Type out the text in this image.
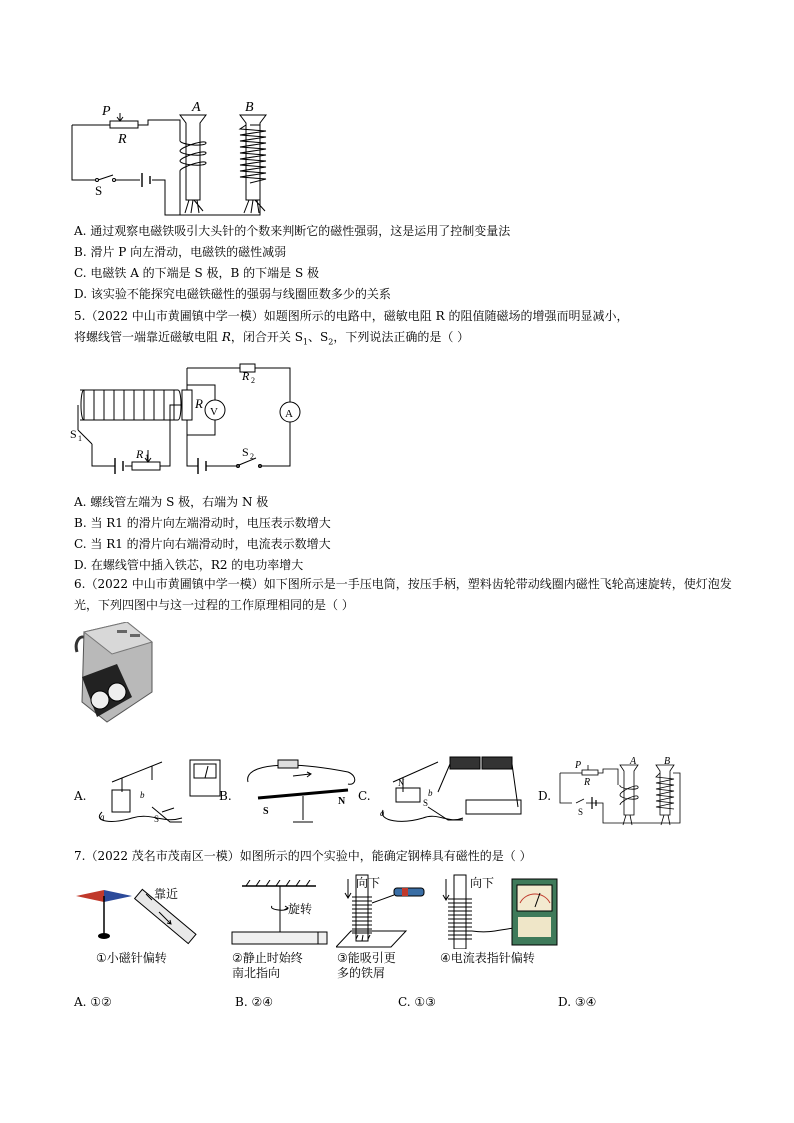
P
R
A	B
S
A. 通过观察电磁铁吸引大头针的个数来判断它的磁性强弱，这是运用了控制变量法
B. 滑片 P 向左滑动，电磁铁的磁性减弱
C. 电磁铁 A 的下端是 S 极，B 的下端是 S 极
D. 该实验不能探究电磁铁磁性的强弱与线圈匝数多少的关系
5.（2022 中山市黄圃镇中学一模）如题图所示的电路中，磁敏电阻 R 的阻值随磁场的增强而明显减小，
将螺线管一端靠近磁敏电阻 R，闭合开关 $S_1$、$S_2$，下列说法正确的是（ ）
R
V	A
R 2
R 1
S 1
S 2
A. 螺线管左端为 S 极，右端为 N 极
B. 当 R1 的滑片向左端滑动时，电压表示数增大
C. 当 R1 的滑片向右端滑动时，电流表示数增大
D. 在螺线管中插入铁芯，R2 的电功率增大
6.（2022 中山市黄圃镇中学一模）如下图所示是一手压电筒，按压手柄，塑料齿轮带动线圈内磁性飞轮高速旋转，使灯泡发光，下列四图中与这一过程的工作原理相同的是（ ）
A.
a
b
S
B.
S
N C.
N
S
a
b	D.
P
R
A	B
S
7.（2022 茂名市茂南区一模）如图所示的四个实验中，能确定钢棒具有磁性的是（ ）
靠近
①小磁针偏转
旋转
②静止时始终
南北指向
向下
③能吸引更
多的铁屑
向下
④电流表指针偏转
A. ①②	B. ②④	C. ①③	D. ③④
